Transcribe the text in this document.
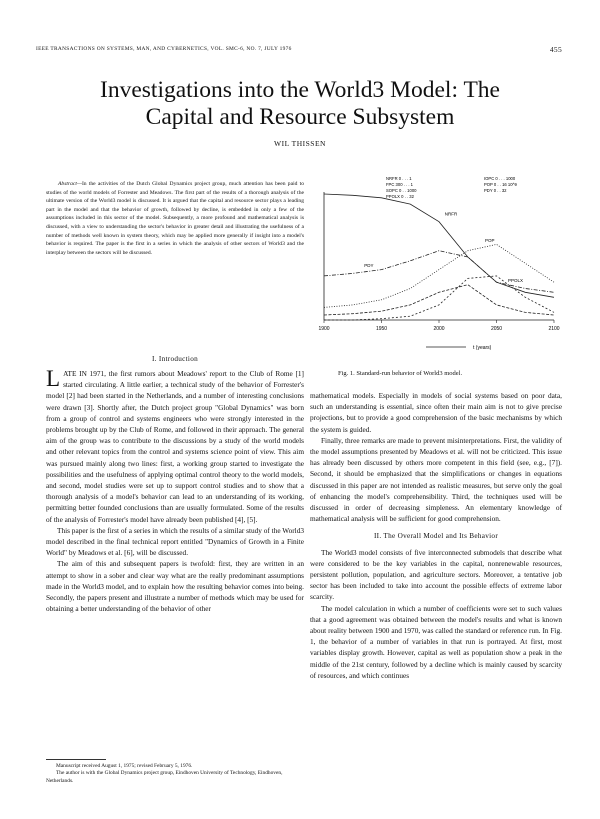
IEEE TRANSACTIONS ON SYSTEMS, MAN, AND CYBERNETICS, VOL. SMC-6, NO. 7, JULY 1976	455
Investigations into the World3 Model: The
Capital and Resource Subsystem
WIL THISSEN
Abstract—In the activities of the Dutch Global Dynamics project group, much attention has been paid to studies of the world models of Forrester and Meadows. The first part of the results of a thorough analysis of the ultimate version of the World3 model is discussed. It is argued that the capital and resource sector plays a leading part in the model and that the behavior of growth, followed by decline, is embedded in only a few of the assumptions included in this sector of the model. Subsequently, a more profound and mathematical analysis is discussed, with a view to understanding the sector's behavior in greater detail and illustrating the usefulness of a number of methods well known in system theory, which may be applied more generally if insight into a model's behavior is required. The paper is the first in a series in which the analysis of other sectors of World3 and the interplay between the sectors will be discussed.
I. Introduction

LATE IN 1971, the first rumors about Meadows' report to the Club of Rome [1] started circulating. A little earlier, a technical study of the behavior of Forrester's model [2] had been started in the Netherlands, and a number of interesting conclusions were drawn [3]. Shortly after, the Dutch project group "Global Dynamics" was born from a group of control and systems engineers who were strongly interested in the problems brought up by the Club of Rome, and followed in their approach. The general aim of the group was to contribute to the discussions by a study of the world models and other relevant topics from the control and systems science point of view. This aim was pursued mainly along two lines: first, a working group started to investigate the possibilities and the usefulness of applying optimal control theory to the world models, and second, model studies were set up to support control studies and to show that a thorough analysis of a model's behavior can lead to an understanding of its working, permitting better founded conclusions than are usually formulated. Some of the results of the analysis of Forrester's model have already been published [4], [5].

This paper is the first of a series in which the results of a similar study of the World3 model described in the final technical report entitled "Dynamics of Growth in a Finite World" by Meadows et al. [6], will be discussed.

The aim of this and subsequent papers is twofold: first, they are written in an attempt to show in a sober and clear way what are the really predominant assumptions made in the World3 model, and to explain how the resulting behavior comes into being. Secondly, the papers present and illustrate a number of methods which may be used for obtaining a better understanding of the behavior of other

NRFR 0 . . . 1
FPC 300 . . . 1
SOPC 0 . . 1000
PPOLX 0 . . 32
IOPC 0 . . . 1000
POP 0 . . 16 10^9
PDY 0 . . 32
1900	1950	2000	2050	2100
POP
NRFR
PDY
PPOLX
t (years)
Fig. 1. Standard-run behavior of World3 model.

mathematical models. Especially in models of social systems based on poor data, such an understanding is essential, since often their main aim is not to give precise projections, but to provide a good comprehension of the basic mechanisms by which the system is guided.

Finally, three remarks are made to prevent misinterpretations. First, the validity of the model assumptions presented by Meadows et al. will not be criticized. This issue has already been discussed by others more competent in this field (see, e.g., [7]). Second, it should be emphasized that the simplifications or changes in equations discussed in this paper are not intended as realistic measures, but serve only the goal of enhancing the model's comprehensibility. Third, the techniques used will be discussed in order of decreasing simpleness. An elementary knowledge of mathematical analysis will be sufficient for good comprehension.

II. The Overall Model and Its Behavior

The World3 model consists of five interconnected submodels that describe what were considered to be the key variables in the capital, nonrenewable resources, persistent pollution, population, and agriculture sectors. Moreover, a tentative job sector has been included to take into account the possible effects of extreme labor scarcity.

The model calculation in which a number of coefficients were set to such values that a good agreement was obtained between the model's results and what is known about reality between 1900 and 1970, was called the standard or reference run. In Fig. 1, the behavior of a number of variables in that run is portrayed. At first, most variables display growth. However, capital as well as population show a peak in the middle of the 21st century, followed by a decline which is mainly caused by scarcity of resources, and which continues

Manuscript received August 1, 1975; revised February 5, 1976.
The author is with the Global Dynamics project group, Eindhoven University of Technology, Eindhoven, Netherlands.
